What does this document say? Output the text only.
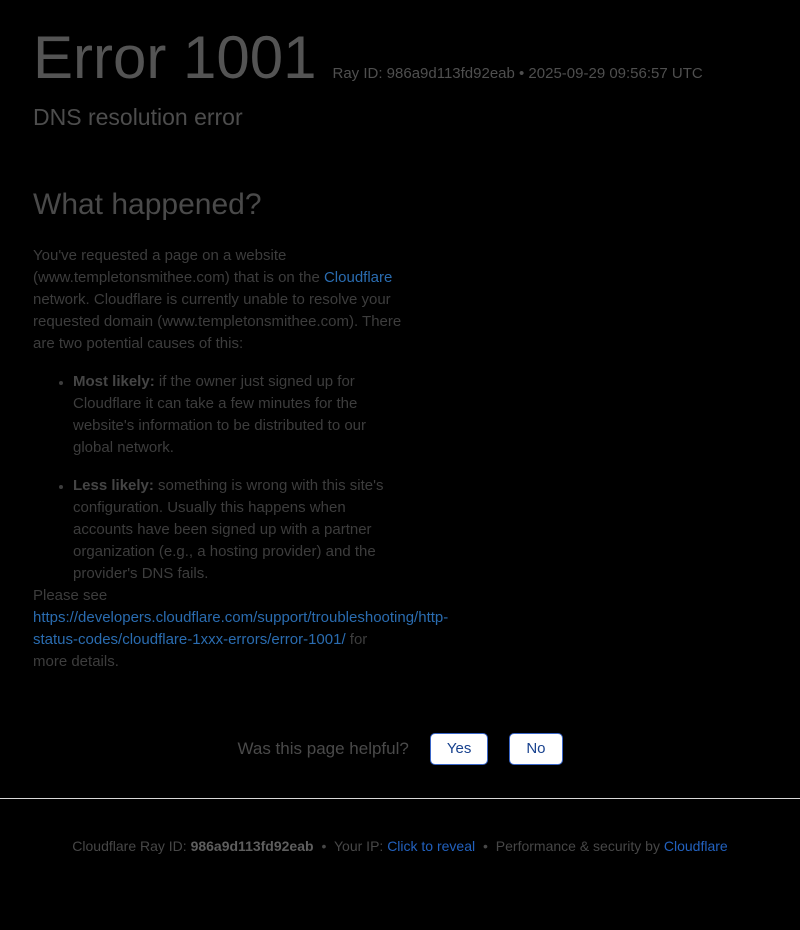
Error 1001 Ray ID: 986a9d113fd92eab • 2025-09-29 09:56:57 UTC
DNS resolution error
What happened?

You've requested a page on a website (www.templetonsmithee.com) that is on the Cloudflare network. Cloudflare is currently unable to resolve your requested domain (www.templetonsmithee.com). There are two potential causes of this:

• Most likely: if the owner just signed up for Cloudflare it can take a few minutes for the website's information to be distributed to our global network.
• Less likely: something is wrong with this site's configuration. Usually this happens when accounts have been signed up with a partner organization (e.g., a hosting provider) and the provider's DNS fails.

Please see https://developers.cloudflare.com/support/troubleshooting/http-status-codes/cloudflare-1xxx-errors/error-1001/ for more details.

Was this page helpful?	Yes	No
Cloudflare Ray ID: 986a9d113fd92eab • Your IP: Click to reveal • Performance & security by Cloudflare
